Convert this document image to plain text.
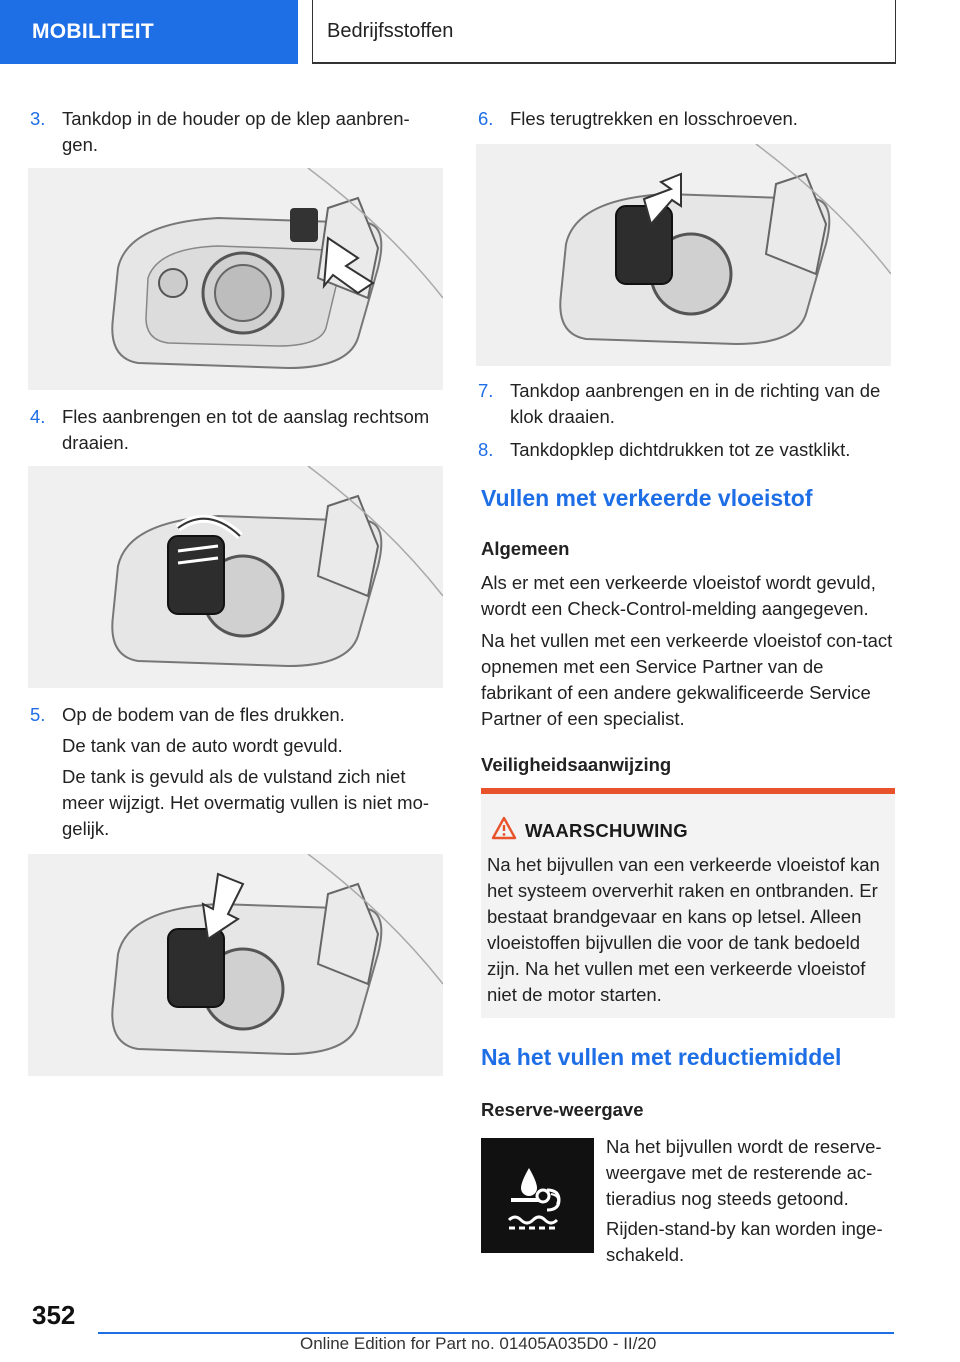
MOBILITEIT	Bedrijfsstoffen
3. Tankdop in de houder op de klep aanbren-gen.
4. Fles aanbrengen en tot de aanslag rechtsom draaien.
5. Op de bodem van de fles drukken.
De tank van de auto wordt gevuld.
De tank is gevuld als de vulstand zich niet meer wijzigt. Het overmatig vullen is niet mo-gelijk.
6. Fles terugtrekken en losschroeven.
7. Tankdop aanbrengen en in de richting van de klok draaien.
8. Tankdopklep dichtdrukken tot ze vastklikt.
Vullen met verkeerde vloeistof
Algemeen
Als er met een verkeerde vloeistof wordt gevuld, wordt een Check-Control-melding aangegeven.
Na het vullen met een verkeerde vloeistof con-tact opnemen met een Service Partner van de fabrikant of een andere gekwalificeerde Service Partner of een specialist.
Veiligheidsaanwijzing
WAARSCHUWING
Na het bijvullen van een verkeerde vloeistof kan het systeem oververhit raken en ontbranden. Er bestaat brandgevaar en kans op letsel. Alleen vloeistoffen bijvullen die voor de tank bedoeld zijn. Na het vullen met een verkeerde vloeistof niet de motor starten.
Na het vullen met reductiemiddel
Reserve-weergave
Na het bijvullen wordt de reserve-weergave met de resterende ac-tieradius nog steeds getoond.
Rijden-stand-by kan worden inge-schakeld.
352
Online Edition for Part no. 01405A035D0 - II/20
